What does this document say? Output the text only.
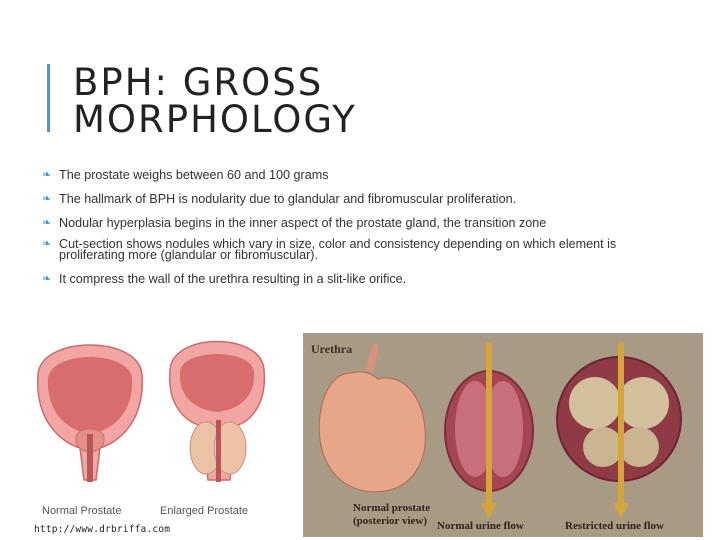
BPH: GROSS
MORPHOLOGY
❧ The prostate weighs between 60 and 100 grams
❧ The hallmark of BPH is nodularity due to glandular and fibromuscular proliferation.
❧ Nodular hyperplasia begins in the inner aspect of the prostate gland, the transition zone
❧ Cut-section shows nodules which vary in size, color and consistency depending on which element is proliferating more (glandular or fibromuscular).
❧ It compress the wall of the urethra resulting in a slit-like orifice.
Normal Prostate	Enlarged Prostate
http://www.drbriffa.com
Urethra
Normal prostate
(posterior view) Normal urine flow	Restricted urine flow
